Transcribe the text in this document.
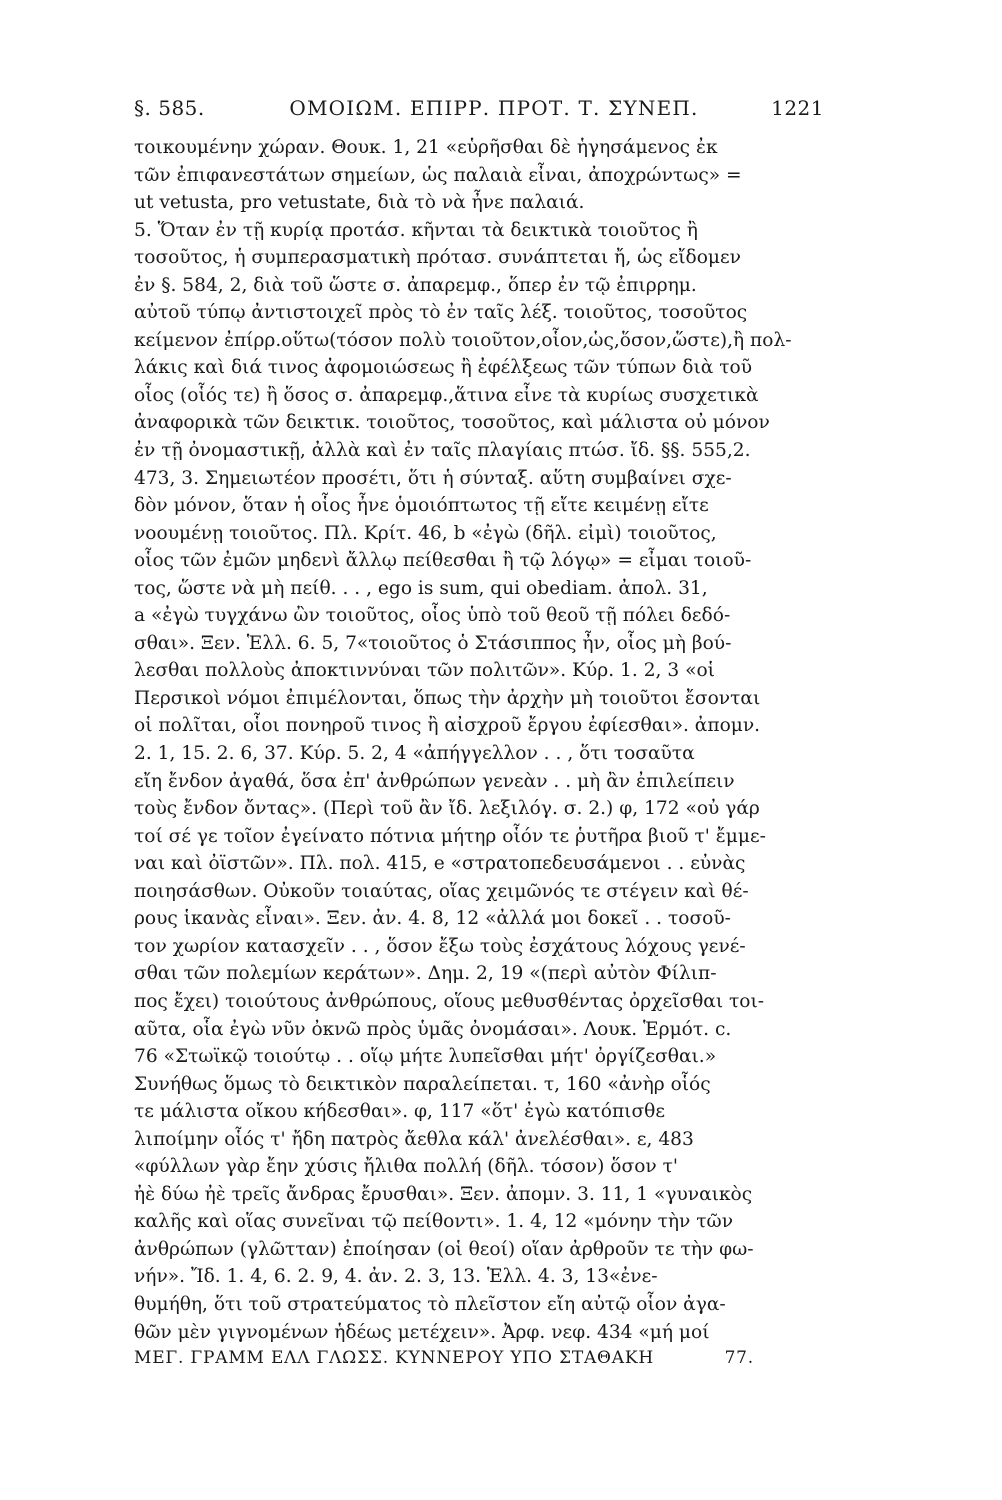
§. 585.	ΟΜΟΙΩΜ. ΕΠΙΡΡ. ΠΡΟΤ. Τ. ΣΥΝΕΠ.	1221
τοικουμένην χώραν. Θουκ. 1, 21 «εὑρῆσθαι δὲ ἡγησάμενος ἐκ
τῶν ἐπιφανεστάτων σημείων, ὡς παλαιὰ εἶναι, ἀποχρώντως» =
ut vetusta, pro vetustate, διὰ τὸ νὰ ἦνε παλαιά.
5. Ὅταν ἐν τῇ κυρίᾳ προτάσ. κῆνται τὰ δεικτικὰ τοιοῦτος ἢ
τοσοῦτος, ἡ συμπερασματικὴ πρότασ. συνάπτεται ἤ, ὡς εἴδομεν
ἐν §. 584, 2, διὰ τοῦ ὥστε σ. ἀπαρεμφ., ὅπερ ἐν τῷ ἐπιρρημ.
αὐτοῦ τύπῳ ἀντιστοιχεῖ πρὸς τὸ ἐν ταῖς λέξ. τοιοῦτος, τοσοῦτος
κείμενον ἐπίρρ.οὕτω(τόσον πολὺ τοιοῦτον,οἷον,ὡς,ὅσον,ὥστε),ἢ πολ-
λάκις καὶ διά τινος ἀφομοιώσεως ἢ ἐφέλξεως τῶν τύπων διὰ τοῦ
οἷος (οἷός τε) ἢ ὅσος σ. ἀπαρεμφ.,ἅτινα εἶνε τὰ κυρίως συσχετικὰ
ἀναφορικὰ τῶν δεικτικ. τοιοῦτος, τοσοῦτος, καὶ μάλιστα οὐ μόνον
ἐν τῇ ὀνομαστικῇ, ἀλλὰ καὶ ἐν ταῖς πλαγίαις πτώσ. ἴδ. §§. 555,2.
473, 3. Σημειωτέον προσέτι, ὅτι ἡ σύνταξ. αὕτη συμβαίνει σχε-
δὸν μόνον, ὅταν ἡ οἷος ἦνε ὁμοιόπτωτος τῇ εἴτε κειμένῃ εἴτε
νοουμένῃ τοιοῦτος. Πλ. Κρίτ. 46, b «ἐγὼ (δῆλ. εἰμὶ) τοιοῦτος,
οἷος τῶν ἐμῶν μηδενὶ ἄλλῳ πείθεσθαι ἢ τῷ λόγῳ» = εἶμαι τοιοῦ-
τος, ὥστε νὰ μὴ πείθ. . . , ego is sum, qui obediam. ἀπολ. 31,
a «ἐγὼ τυγχάνω ὢν τοιοῦτος, οἷος ὑπὸ τοῦ θεοῦ τῇ πόλει δεδό-
σθαι». Ξεν. Ἑλλ. 6. 5, 7«τοιοῦτος ὁ Στάσιππος ἦν, οἷος μὴ βού-
λεσθαι πολλοὺς ἀποκτιννύναι τῶν πολιτῶν». Κύρ. 1. 2, 3 «οἱ
Περσικοὶ νόμοι ἐπιμέλονται, ὅπως τὴν ἀρχὴν μὴ τοιοῦτοι ἔσονται
οἱ πολῖται, οἷοι πονηροῦ τινος ἢ αἰσχροῦ ἔργου ἐφίεσθαι». ἀπομν.
2. 1, 15. 2. 6, 37. Κύρ. 5. 2, 4 «ἀπήγγελλον . . , ὅτι τοσαῦτα
εἴη ἔνδον ἀγαθά, ὅσα ἐπ' ἀνθρώπων γενεὰν . . μὴ ἂν ἐπιλείπειν
τοὺς ἔνδον ὄντας». (Περὶ τοῦ ἂν ἴδ. λεξιλόγ. σ. 2.) φ, 172 «οὐ γάρ
τοί σέ γε τοῖον ἐγείνατο πότνια μήτηρ οἷόν τε ῥυτῆρα βιοῦ τ' ἔμμε-
ναι καὶ ὀϊστῶν». Πλ. πολ. 415, e «στρατοπεδευσάμενοι . . εὐνὰς
ποιησάσθων. Οὐκοῦν τοιαύτας, οἵας χειμῶνός τε στέγειν καὶ θέ-
ρους ἱκανὰς εἶναι». Ξεν. ἀν. 4. 8, 12 «ἀλλά μοι δοκεῖ . . τοσοῦ-
τον χωρίον κατασχεῖν . . , ὅσον ἔξω τοὺς ἐσχάτους λόχους γενέ-
σθαι τῶν πολεμίων κεράτων». Δημ. 2, 19 «(περὶ αὐτὸν Φίλιπ-
πος ἔχει) τοιούτους ἀνθρώπους, οἵους μεθυσθέντας ὀρχεῖσθαι τοι-
αῦτα, οἷα ἐγὼ νῦν ὀκνῶ πρὸς ὑμᾶς ὀνομάσαι». Λουκ. Ἑρμότ. c.
76 «Στωϊκῷ τοιούτῳ . . οἵῳ μήτε λυπεῖσθαι μήτ' ὀργίζεσθαι.»
Συνήθως ὅμως τὸ δεικτικὸν παραλείπεται. τ, 160 «ἀνὴρ οἷός
τε μάλιστα οἴκου κήδεσθαι». φ, 117 «ὅτ' ἐγὼ κατόπισθε
λιποίμην οἷός τ' ἤδη πατρὸς ἄεθλα κάλ' ἀνελέσθαι». ε, 483
«φύλλων γὰρ ἔην χύσις ἤλιθα πολλή (δῆλ. τόσον) ὅσον τ'
ἠὲ δύω ἠὲ τρεῖς ἄνδρας ἔρυσθαι». Ξεν. ἀπομν. 3. 11, 1 «γυναικὸς
καλῆς καὶ οἵας συνεῖναι τῷ πείθοντι». 1. 4, 12 «μόνην τὴν τῶν
ἀνθρώπων (γλῶτταν) ἐποίησαν (οἱ θεοί) οἵαν ἀρθροῦν τε τὴν φω-
νήν». Ἴδ. 1. 4, 6. 2. 9, 4. ἀν. 2. 3, 13. Ἑλλ. 4. 3, 13«ἐνε-
θυμήθη, ὅτι τοῦ στρατεύματος τὸ πλεῖστον εἴη αὐτῷ οἷον ἀγα-
θῶν μὲν γιγνομένων ἡδέως μετέχειν». Ἀρφ. νεφ. 434 «μή μοί
ΜΕΓ. ΓΡΑΜΜ ΕΛΛ ΓΛΩΣΣ. ΚΥΝΝΕΡΟΥ ΥΠΟ ΣΤΑΘΑΚΗ	77.
